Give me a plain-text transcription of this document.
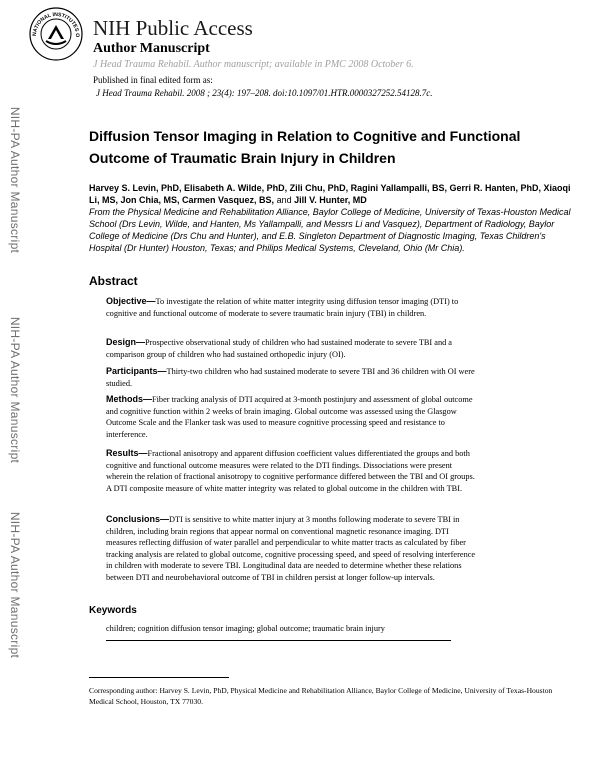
NATIONAL INSTITUTES O NIH Public Access
Author Manuscript
J Head Trauma Rehabil. Author manuscript; available in PMC 2008 October 6.
Published in final edited form as:
J Head Trauma Rehabil. 2008 ; 23(4): 197–208. doi:10.1097/01.HTR.0000327252.54128.7c.
NIH-PA Author Manuscript
NIH-PA Author Manuscript
NIH-PA Author Manuscript
Diffusion Tensor Imaging in Relation to Cognitive and Functional Outcome of Traumatic Brain Injury in Children
Harvey S. Levin, PhD, Elisabeth A. Wilde, PhD, Zili Chu, PhD, Ragini Yallampalli, BS, Gerri R. Hanten, PhD, Xiaoqi Li, MS, Jon Chia, MS, Carmen Vasquez, BS, and Jill V. Hunter, MD
From the Physical Medicine and Rehabilitation Alliance, Baylor College of Medicine, University of Texas-Houston Medical School (Drs Levin, Wilde, and Hanten, Ms Yallampalli, and Messrs Li and Vasquez), Department of Radiology, Baylor College of Medicine (Drs Chu and Hunter), and E.B. Singleton Department of Diagnostic Imaging, Texas Children's Hospital (Dr Hunter) Houston, Texas; and Philips Medical Systems, Cleveland, Ohio (Mr Chia).
Abstract
Objective—To investigate the relation of white matter integrity using diffusion tensor imaging (DTI) to cognitive and functional outcome of moderate to severe traumatic brain injury (TBI) in children.
Design—Prospective observational study of children who had sustained moderate to severe TBI and a comparison group of children who had sustained orthopedic injury (OI).
Participants—Thirty-two children who had sustained moderate to severe TBI and 36 children with OI were studied.
Methods—Fiber tracking analysis of DTI acquired at 3-month postinjury and assessment of global outcome and cognitive function within 2 weeks of brain imaging. Global outcome was assessed using the Glasgow Outcome Scale and the Flanker task was used to measure cognitive processing speed and resistance to interference.
Results—Fractional anisotropy and apparent diffusion coefficient values differentiated the groups and both cognitive and functional outcome measures were related to the DTI findings. Dissociations were present wherein the relation of fractional anisotropy to cognitive performance differed between the TBI and OI groups. A DTI composite measure of white matter integrity was related to global outcome in the children with TBI.
Conclusions—DTI is sensitive to white matter injury at 3 months following moderate to severe TBI in children, including brain regions that appear normal on conventional magnetic resonance imaging. DTI measures reflecting diffusion of water parallel and perpendicular to white matter tracts as calculated by fiber tracking analysis are related to global outcome, cognitive processing speed, and speed of resolving interference in children with moderate to severe TBI. Longitudinal data are needed to determine whether these relations between DTI and neurobehavioral outcome of TBI in children persist at longer follow-up intervals.
Keywords
children; cognition diffusion tensor imaging; global outcome; traumatic brain injury
Corresponding author: Harvey S. Levin, PhD, Physical Medicine and Rehabilitation Alliance, Baylor College of Medicine, University of Texas-Houston Medical School, Houston, TX 77030.
